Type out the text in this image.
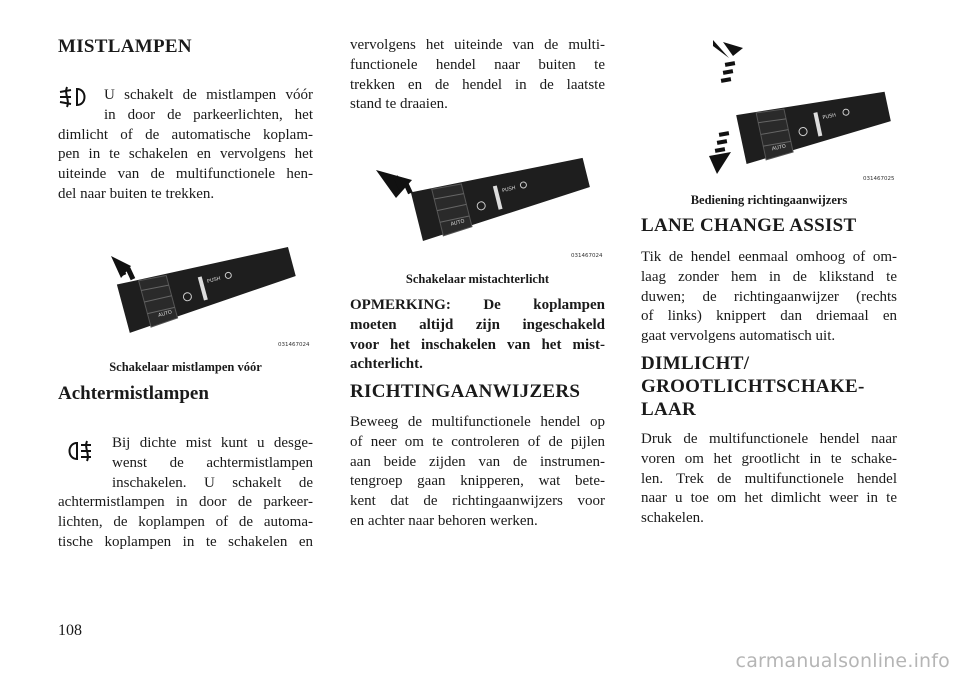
MISTLAMPEN
U schakelt de mistlampen vóór
in door de parkeerlichten, het
dimlicht of de automatische koplam-
pen in te schakelen en vervolgens het
uiteinde van de multifunctionele hen-
del naar buiten te trekken.
PUSH
AUTO
031467024
Schakelaar mistlampen vóór
Achtermistlampen
Bij dichte mist kunt u desge-
wenst de achtermistlampen
inschakelen. U schakelt de
achtermistlampen in door de parkeer-
lichten, de koplampen of de automa-
tische koplampen in te schakelen en
vervolgens het uiteinde van de multi-
functionele hendel naar buiten te
trekken en de hendel in de laatste
stand te draaien.
PUSH
AUTO
031467024
Schakelaar mistachterlicht
OPMERKING: De koplampen
moeten altijd zijn ingeschakeld
voor het inschakelen van het mist-
achterlicht.
RICHTINGAANWIJZERS
Beweeg de multifunctionele hendel op
of neer om te controleren of de pijlen
aan beide zijden van de instrumen-
tengroep gaan knipperen, wat bete-
kent dat de richtingaanwijzers voor
en achter naar behoren werken.
PUSH
AUTO
031467025
Bediening richtingaanwijzers
LANE CHANGE ASSIST
Tik de hendel eenmaal omhoog of om-
laag zonder hem in de klikstand te
duwen; de richtingaanwijzer (rechts
of links) knippert dan driemaal en
gaat vervolgens automatisch uit.
DIMLICHT/
GROOTLICHTSCHAKE-
LAAR
Druk de multifunctionele hendel naar
voren om het grootlicht in te schake-
len. Trek de multifunctionele hendel
naar u toe om het dimlicht weer in te
schakelen.
108
carmanualsonline.info
